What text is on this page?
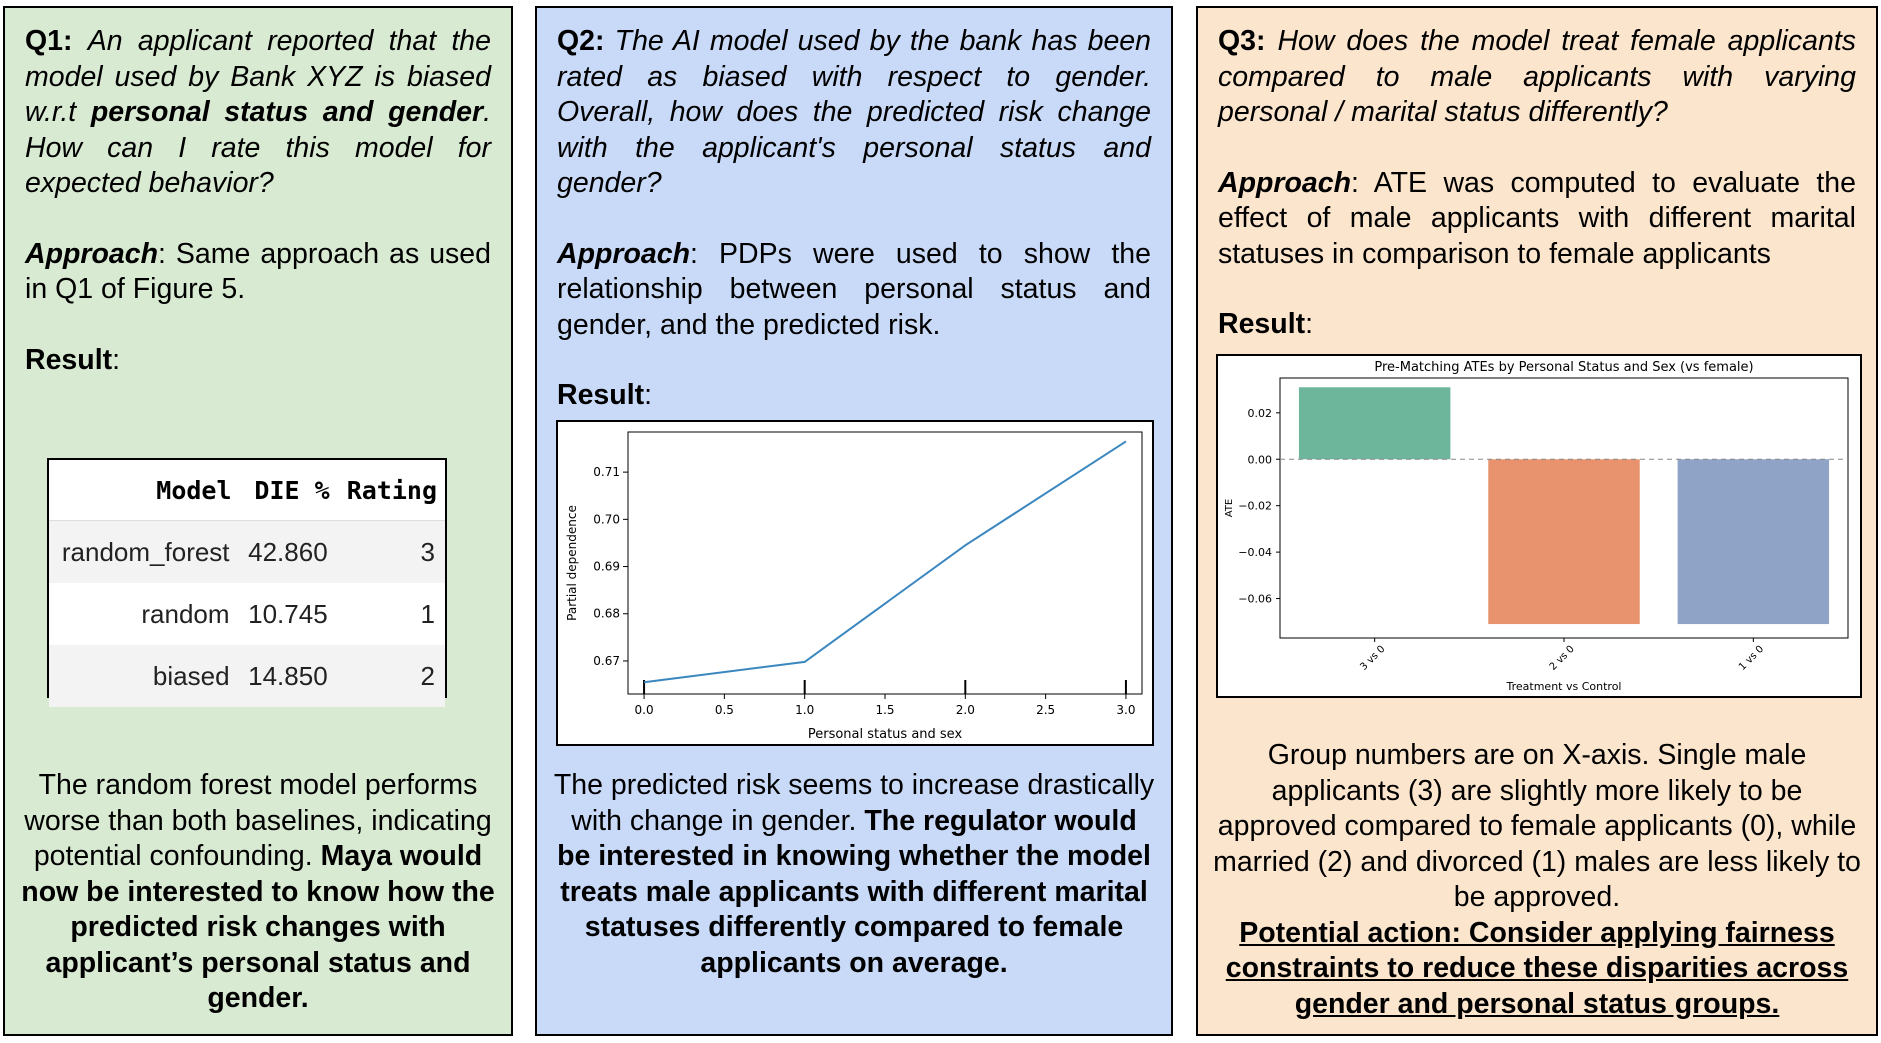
Q1: An applicant reported that the model used by Bank XYZ is biased w.r.t personal status and gender. How can I rate this model for expected behavior?

Approach: Same approach as used in Q1 of Figure 5.

Result:

Model	DIE %	Rating
random_forest	42.860	3
random	10.745	1
biased	14.850	2
The random forest model performs worse than both baselines, indicating potential confounding. Maya would now be interested to know how the predicted risk changes with applicant’s personal status and gender.

Q2: The AI model used by the bank has been rated as biased with respect to gender. Overall, how does the predicted risk change with the applicant's personal status and gender?

Approach: PDPs were used to show the relationship between personal status and gender, and the predicted risk.

Result:

0.67
0.68
0.69
0.70
0.71
0.0	0.5	1.0	1.5	2.0	2.5	3.0
Personal status and sex
Partial dependence
The predicted risk seems to increase drastically with change in gender. The regulator would be interested in knowing whether the model treats male applicants with different marital statuses differently compared to female applicants on average.

Q3: How does the model treat female applicants compared to male applicants with varying personal / marital status differently?

Approach: ATE was computed to evaluate the effect of male applicants with different marital statuses in comparison to female applicants

Result:

Pre-Matching ATEs by Personal Status and Sex (vs female)
0.02
0.00
−0.02
−0.04
−0.06
3 vs 0	2 vs 0	1 vs 0
Treatment vs Control
ATE
Group numbers are on X-axis. Single male applicants (3) are slightly more likely to be approved compared to female applicants (0), while married (2) and divorced (1) males are less likely to be approved.
Potential action: Consider applying fairness constraints to reduce these disparities across gender and personal status groups.
